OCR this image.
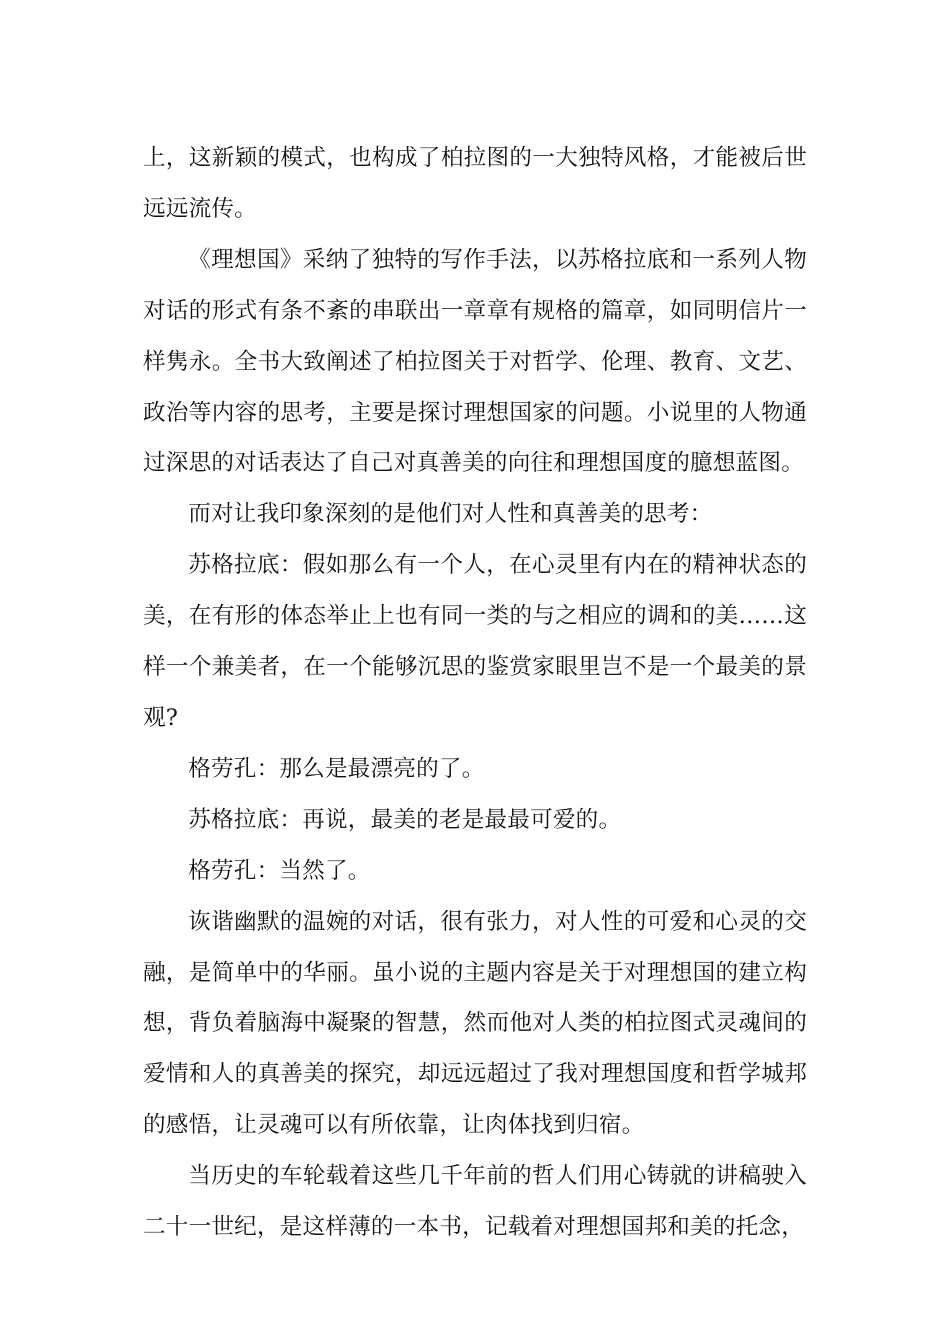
上，这新颖的模式，也构成了柏拉图的一大独特风格，才能被后世远远流传。

《理想国》采纳了独特的写作手法，以苏格拉底和一系列人物对话的形式有条不紊的串联出一章章有规格的篇章，如同明信片一样隽永。全书大致阐述了柏拉图关于对哲学、伦理、教育、文艺、政治等内容的思考，主要是探讨理想国家的问题。小说里的人物通过深思的对话表达了自己对真善美的向往和理想国度的臆想蓝图。

而对让我印象深刻的是他们对人性和真善美的思考：

苏格拉底：假如那么有一个人，在心灵里有内在的精神状态的美，在有形的体态举止上也有同一类的与之相应的调和的美……这样一个兼美者，在一个能够沉思的鉴赏家眼里岂不是一个最美的景观?

格劳孔：那么是最漂亮的了。

苏格拉底：再说，最美的老是最最可爱的。

格劳孔：当然了。

诙谐幽默的温婉的对话，很有张力，对人性的可爱和心灵的交融，是简单中的华丽。虽小说的主题内容是关于对理想国的建立构想，背负着脑海中凝聚的智慧，然而他对人类的柏拉图式灵魂间的爱情和人的真善美的探究，却远远超过了我对理想国度和哲学城邦的感悟，让灵魂可以有所依靠，让肉体找到归宿。

当历史的车轮载着这些几千年前的哲人们用心铸就的讲稿驶入二十一世纪，是这样薄的一本书，记载着对理想国邦和美的托念，
